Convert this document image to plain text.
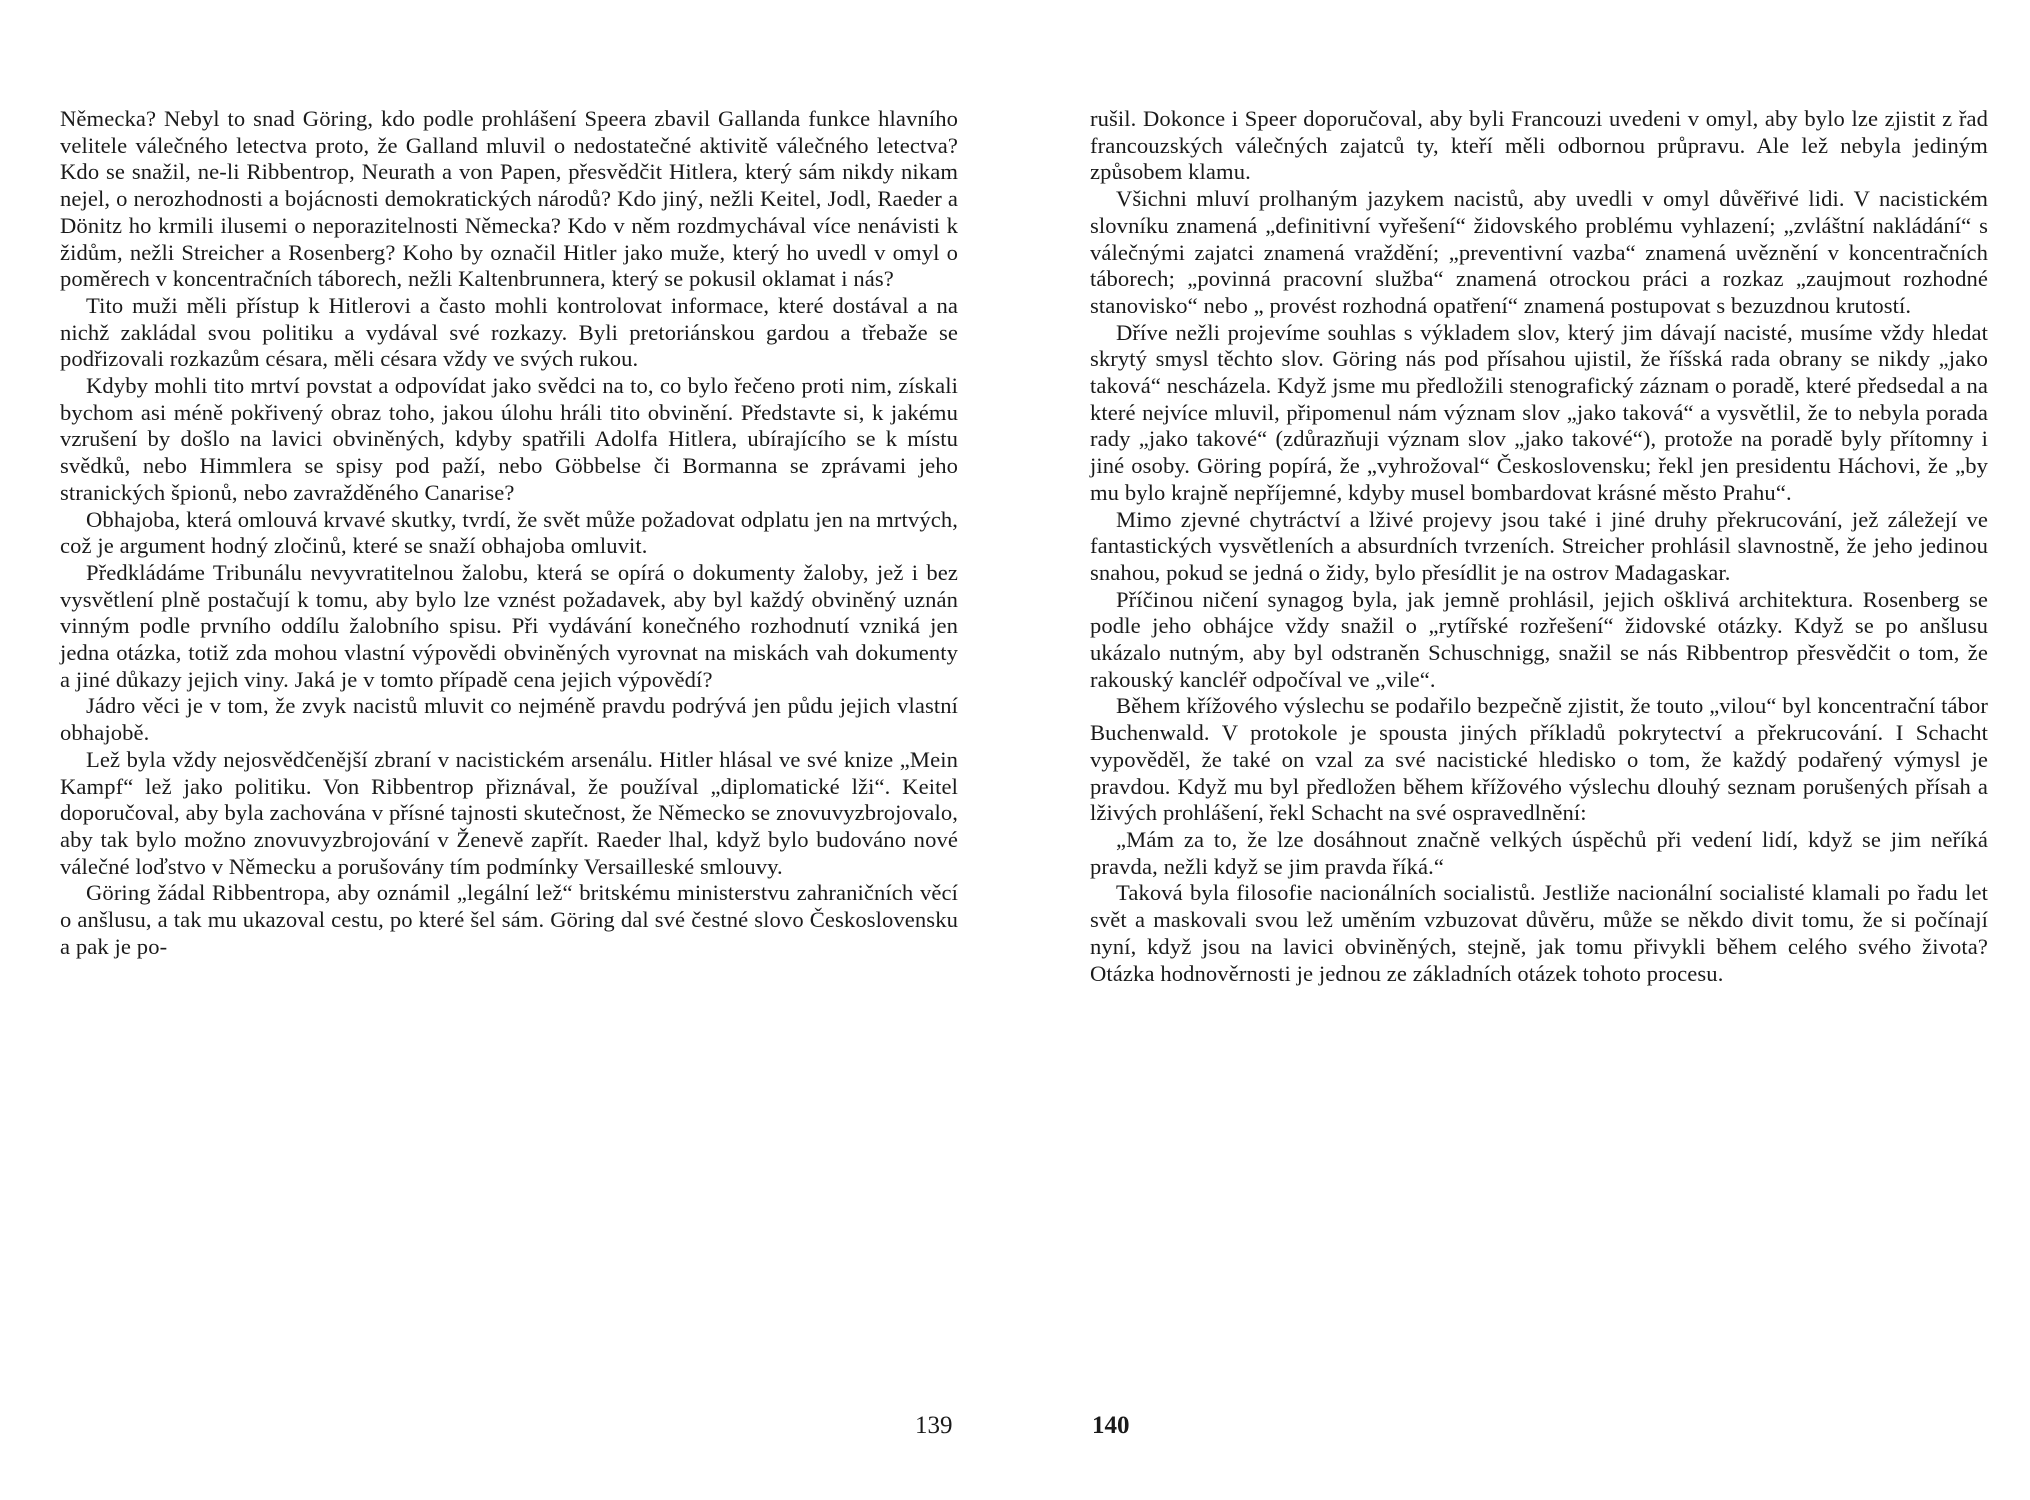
Německa? Nebyl to snad Göring, kdo podle prohlášení Speera zbavil Gallanda funkce hlavního velitele válečného letectva proto, že Galland mluvil o nedostatečné aktivitě válečného letectva? Kdo se snažil, ne-li Ribbentrop, Neurath a von Papen, přesvědčit Hitlera, který sám nikdy nikam nejel, o nerozhodnosti a bojácnosti demokratických národů? Kdo jiný, nežli Keitel, Jodl, Raeder a Dönitz ho krmili ilusemi o neporazitelnosti Německa? Kdo v něm rozdmychával více nenávisti k židům, nežli Streicher a Rosenberg? Koho by označil Hitler jako muže, který ho uvedl v omyl o poměrech v koncentračních táborech, nežli Kaltenbrunnera, který se pokusil oklamat i nás?

Tito muži měli přístup k Hitlerovi a často mohli kontrolovat informace, které dostával a na nichž zakládal svou politiku a vydával své rozkazy. Byli pretoriánskou gardou a třebaže se podřizovali rozkazům césara, měli césara vždy ve svých rukou.

Kdyby mohli tito mrtví povstat a odpovídat jako svědci na to, co bylo řečeno proti nim, získali bychom asi méně pokřivený obraz toho, jakou úlohu hráli tito obvinění. Představte si, k jakému vzrušení by došlo na lavici obviněných, kdyby spatřili Adolfa Hitlera, ubírajícího se k místu svědků, nebo Himmlera se spisy pod paží, nebo Göbbelse či Bormanna se zprávami jeho stranických špionů, nebo zavražděného Canarise?

Obhajoba, která omlouvá krvavé skutky, tvrdí, že svět může požadovat odplatu jen na mrtvých, což je argument hodný zločinů, které se snaží obhajoba omluvit.

Předkládáme Tribunálu nevyvratitelnou žalobu, která se opírá o dokumenty žaloby, jež i bez vysvětlení plně postačují k tomu, aby bylo lze vznést požadavek, aby byl každý obviněný uznán vinným podle prvního oddílu žalobního spisu. Při vydávání konečného rozhodnutí vzniká jen jedna otázka, totiž zda mohou vlastní výpovědi obviněných vyrovnat na miskách vah dokumenty a jiné důkazy jejich viny. Jaká je v tomto případě cena jejich výpovědí?

Jádro věci je v tom, že zvyk nacistů mluvit co nejméně pravdu podrývá jen půdu jejich vlastní obhajobě.

Lež byla vždy nejosvědčenější zbraní v nacistickém arsenálu. Hitler hlásal ve své knize „Mein Kampf“ lež jako politiku. Von Ribbentrop přiznával, že používal „diplomatické lži“. Keitel doporučoval, aby byla zachována v přísné tajnosti skutečnost, že Německo se znovuvyzbrojovalo, aby tak bylo možno znovuvyzbrojování v Ženevě zapřít. Raeder lhal, když bylo budováno nové válečné loďstvo v Německu a porušovány tím podmínky Versailleské smlouvy.

Göring žádal Ribbentropa, aby oznámil „legální lež“ britskému ministerstvu zahraničních věcí o anšlusu, a tak mu ukazoval cestu, po které šel sám. Göring dal své čestné slovo Československu a pak je po-

139

rušil. Dokonce i Speer doporučoval, aby byli Francouzi uvedeni v omyl, aby bylo lze zjistit z řad francouzských válečných zajatců ty, kteří měli odbornou průpravu. Ale lež nebyla jediným způsobem klamu.

Všichni mluví prolhaným jazykem nacistů, aby uvedli v omyl důvěřivé lidi. V nacistickém slovníku znamená „definitivní vyřešení“ židovského problému vyhlazení; „zvláštní nakládání“ s válečnými zajatci znamená vraždění; „preventivní vazba“ znamená uvěznění v koncentračních táborech; „povinná pracovní služba“ znamená otrockou práci a rozkaz „zaujmout rozhodné stanovisko“ nebo „ provést rozhodná opatření“ znamená postupovat s bezuzdnou krutostí.

Dříve nežli projevíme souhlas s výkladem slov, který jim dávají nacisté, musíme vždy hledat skrytý smysl těchto slov. Göring nás pod přísahou ujistil, že říšská rada obrany se nikdy „jako taková“ nescházela. Když jsme mu předložili stenografický záznam o poradě, které předsedal a na které nejvíce mluvil, připomenul nám význam slov „jako taková“ a vysvětlil, že to nebyla porada rady „jako takové“ (zdůrazňuji význam slov „jako takové“), protože na poradě byly přítomny i jiné osoby. Göring popírá, že „vyhrožoval“ Československu; řekl jen presidentu Háchovi, že „by mu bylo krajně nepříjemné, kdyby musel bombardovat krásné město Prahu“.

Mimo zjevné chytráctví a lživé projevy jsou také i jiné druhy překrucování, jež záležejí ve fantastických vysvětleních a absurdních tvrzeních. Streicher prohlásil slavnostně, že jeho jedinou snahou, pokud se jedná o židy, bylo přesídlit je na ostrov Madagaskar.

Příčinou ničení synagog byla, jak jemně prohlásil, jejich ošklivá architektura. Rosenberg se podle jeho obhájce vždy snažil o „rytířské rozřešení“ židovské otázky. Když se po anšlusu ukázalo nutným, aby byl odstraněn Schuschnigg, snažil se nás Ribbentrop přesvědčit o tom, že rakouský kancléř odpočíval ve „vile“.

Během křížového výslechu se podařilo bezpečně zjistit, že touto „vilou“ byl koncentrační tábor Buchenwald. V protokole je spousta jiných příkladů pokrytectví a překrucování. I Schacht vypověděl, že také on vzal za své nacistické hledisko o tom, že každý podařený výmysl je pravdou. Když mu byl předložen během křížového výslechu dlouhý seznam porušených přísah a lživých prohlášení, řekl Schacht na své ospravedlnění:

„Mám za to, že lze dosáhnout značně velkých úspěchů při vedení lidí, když se jim neříká pravda, nežli když se jim pravda říká.“

Taková byla filosofie nacionálních socialistů. Jestliže nacionální socialisté klamali po řadu let svět a maskovali svou lež uměním vzbuzovat důvěru, může se někdo divit tomu, že si počínají nyní, když jsou na lavici obviněných, stejně, jak tomu přivykli během celého svého života? Otázka hodnověrnosti je jednou ze základních otázek tohoto procesu.

140
